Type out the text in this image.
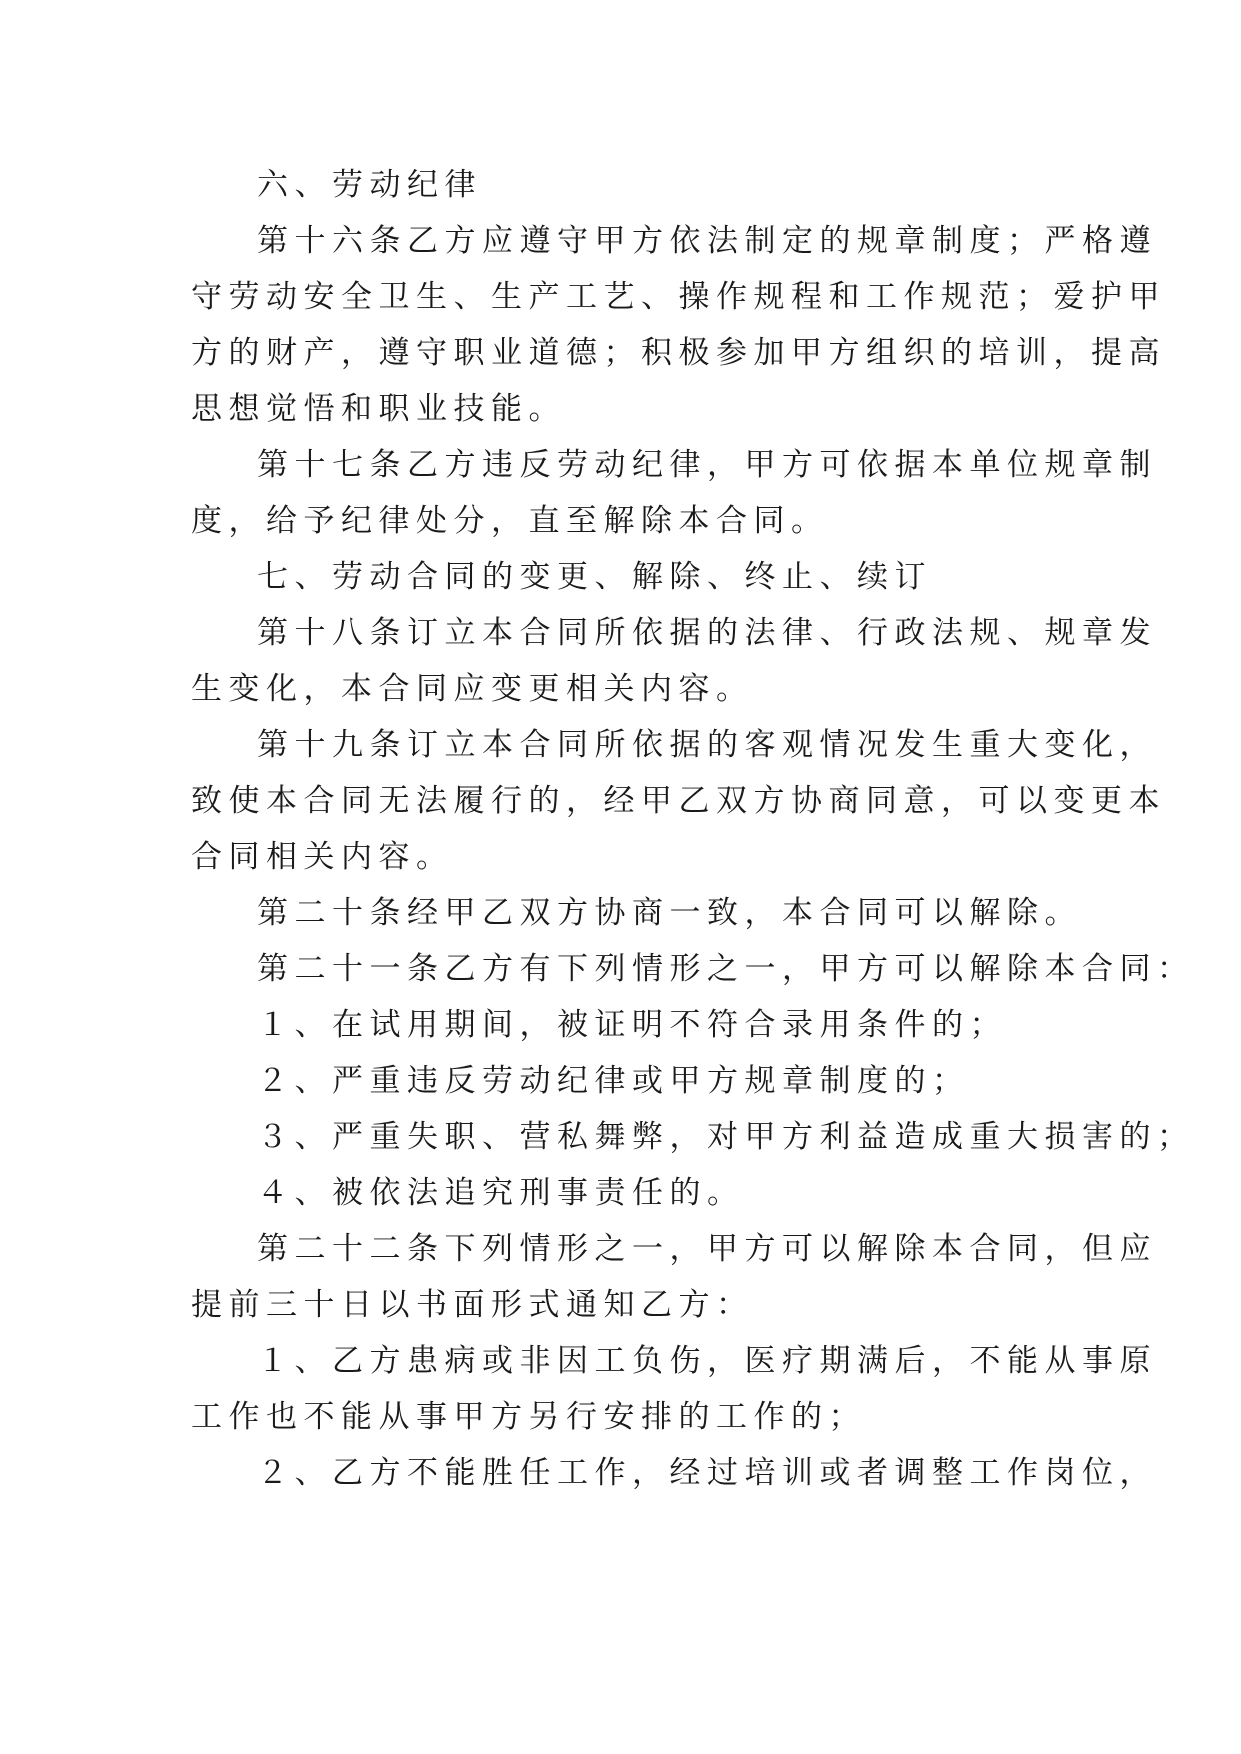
六、劳动纪律
第十六条乙方应遵守甲方依法制定的规章制度；严格遵
守劳动安全卫生、生产工艺、操作规程和工作规范；爱护甲
方的财产，遵守职业道德；积极参加甲方组织的培训，提高
思想觉悟和职业技能。
第十七条乙方违反劳动纪律，甲方可依据本单位规章制
度，给予纪律处分，直至解除本合同。
七、劳动合同的变更、解除、终止、续订
第十八条订立本合同所依据的法律、行政法规、规章发
生变化，本合同应变更相关内容。
第十九条订立本合同所依据的客观情况发生重大变化，
致使本合同无法履行的，经甲乙双方协商同意，可以变更本
合同相关内容。
第二十条经甲乙双方协商一致，本合同可以解除。
第二十一条乙方有下列情形之一，甲方可以解除本合同：
１、在试用期间，被证明不符合录用条件的；
２、严重违反劳动纪律或甲方规章制度的；
３、严重失职、营私舞弊，对甲方利益造成重大损害的；
４、被依法追究刑事责任的。
第二十二条下列情形之一，甲方可以解除本合同，但应
提前三十日以书面形式通知乙方：
１、乙方患病或非因工负伤，医疗期满后，不能从事原
工作也不能从事甲方另行安排的工作的；
２、乙方不能胜任工作，经过培训或者调整工作岗位，
